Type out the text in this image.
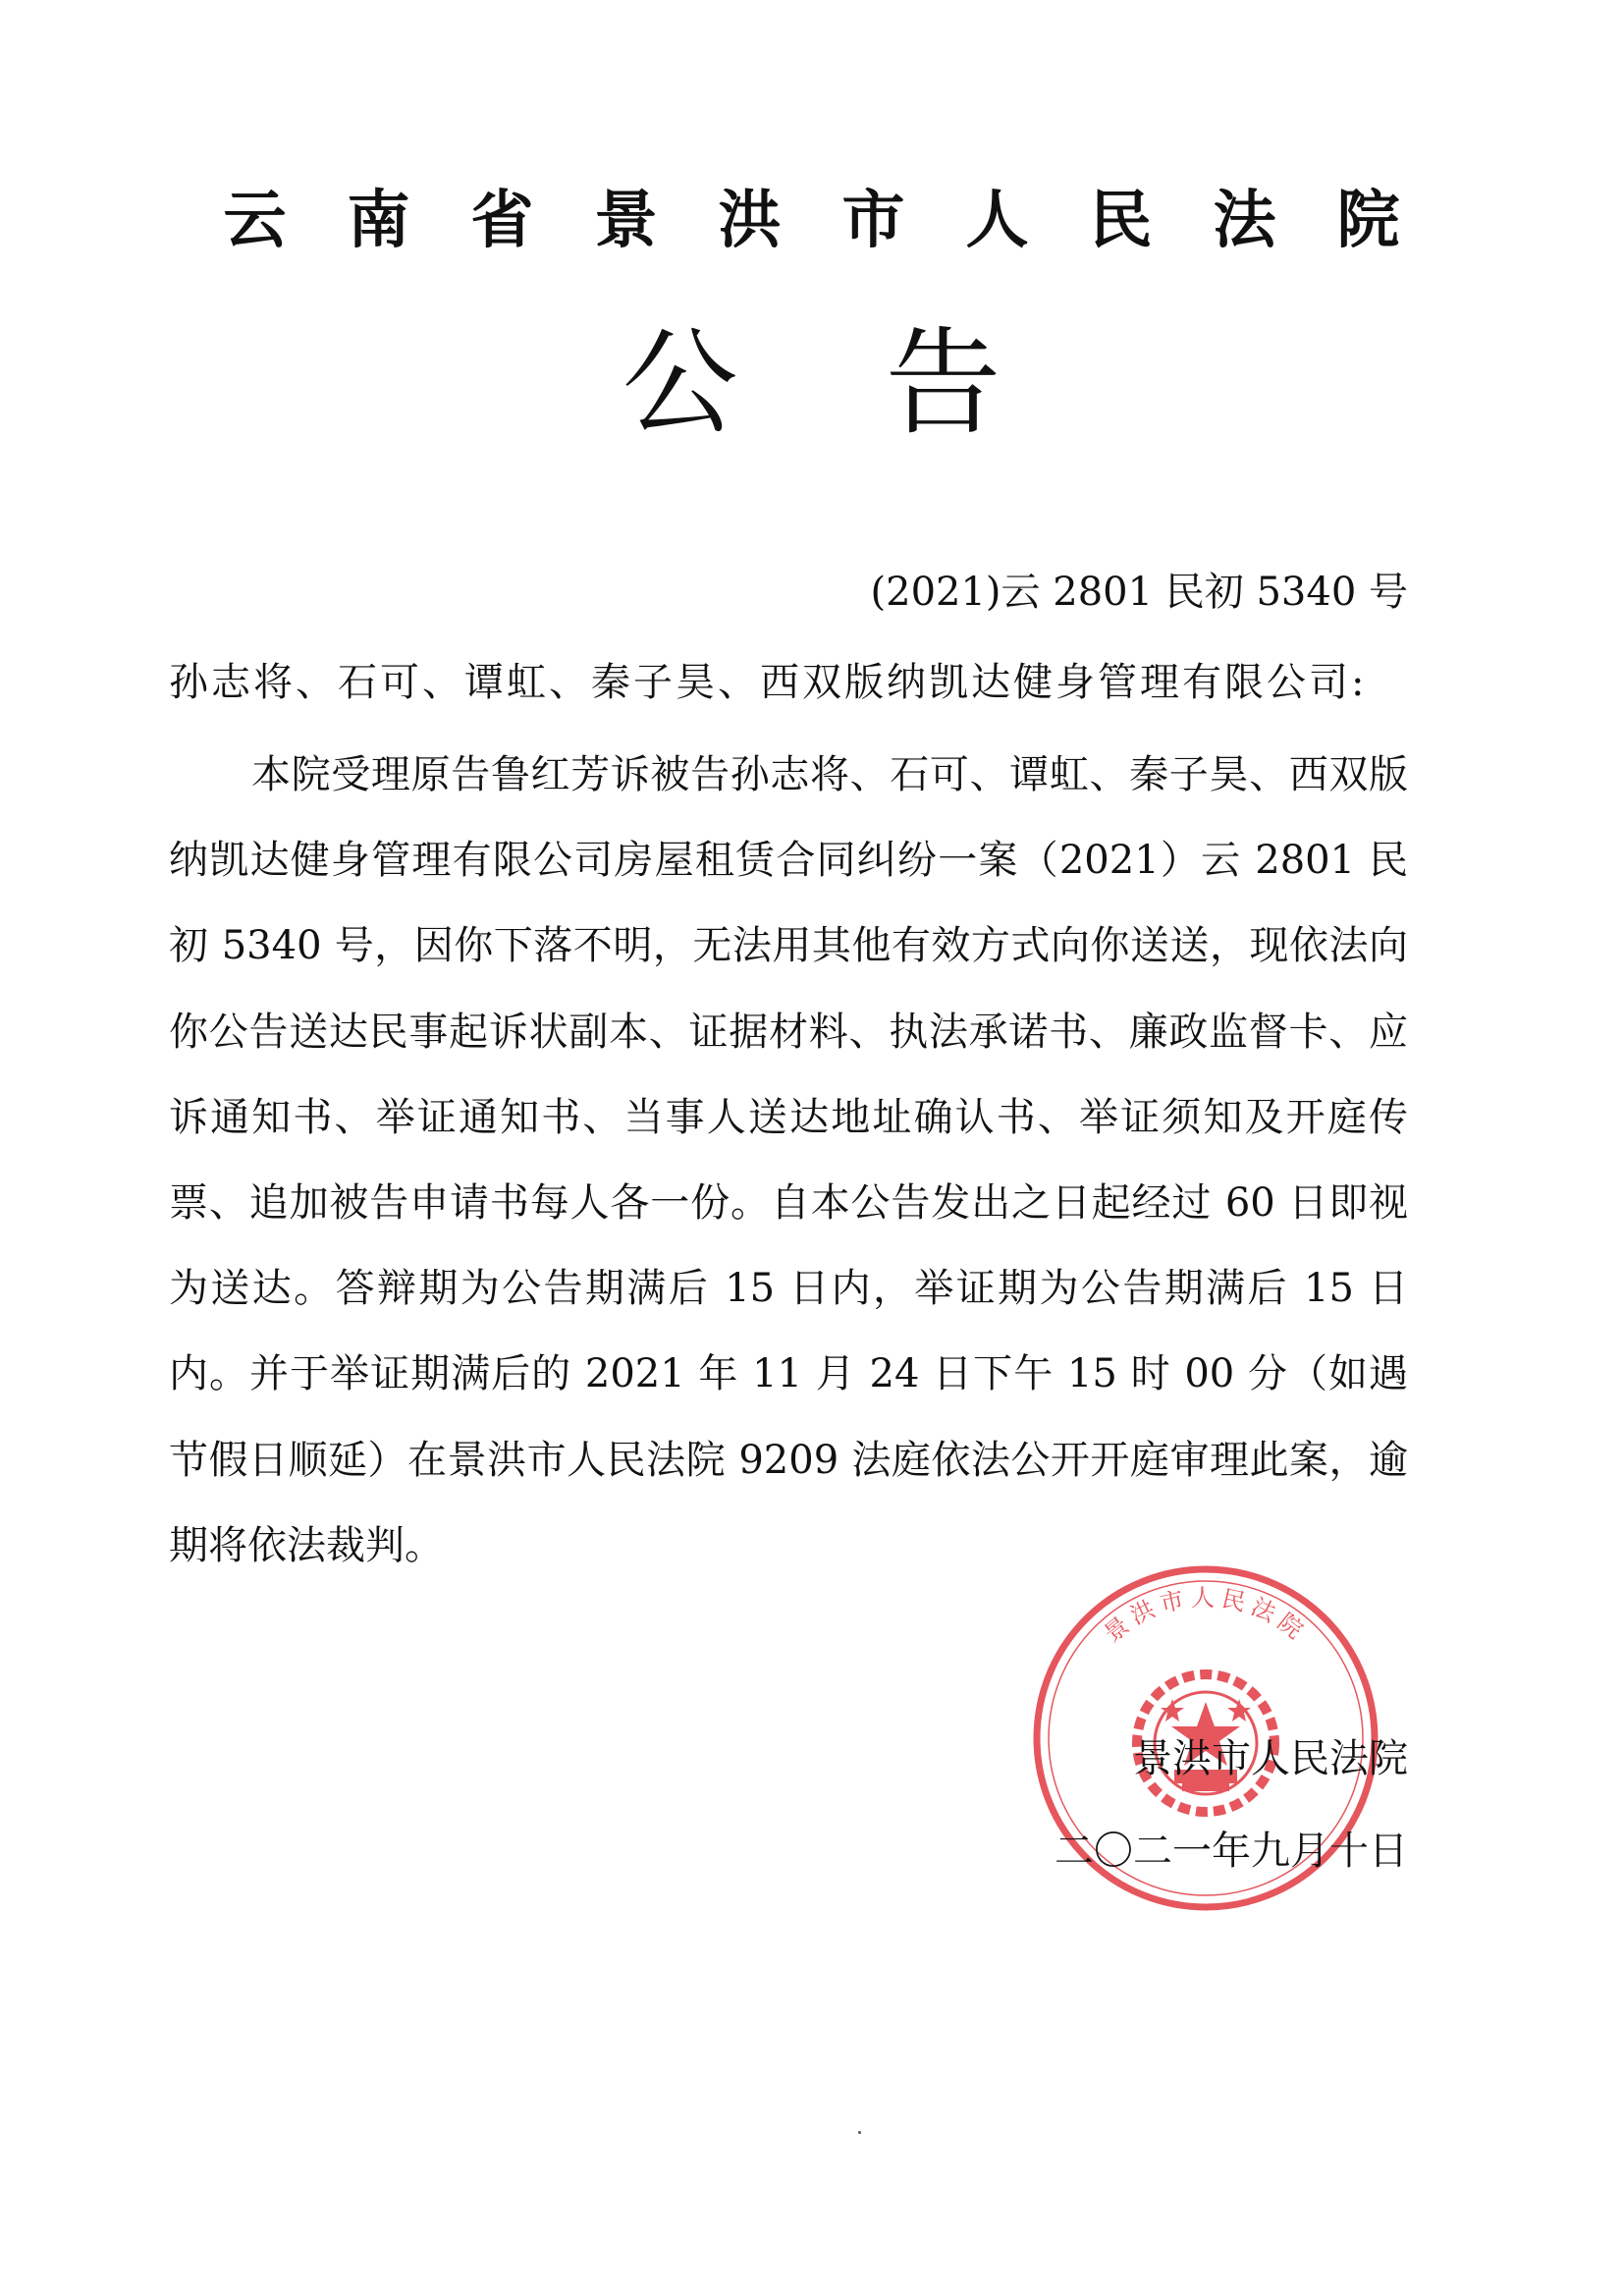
云 南 省 景 洪 市 人 民 法 院
公 告
(2021)云 2801 民初 5340 号
孙志将、石可、谭虹、秦子昊、西双版纳凯达健身管理有限公司:

本院受理原告鲁红芳诉被告孙志将、石可、谭虹、秦子昊、西双版纳凯达健身管理有限公司房屋租赁合同纠纷一案（2021）云 2801 民初 5340 号，因你下落不明，无法用其他有效方式向你送送，现依法向你公告送达民事起诉状副本、证据材料、执法承诺书、廉政监督卡、应诉通知书、举证通知书、当事人送达地址确认书、举证须知及开庭传票、追加被告申请书每人各一份。自本公告发出之日起经过 60 日即视为送达。答辩期为公告期满后 15 日内，举证期为公告期满后 15 日内。并于举证期满后的 2021 年 11 月 24 日下午 15 时 00 分（如遇节假日顺延）在景洪市人民法院 9209 法庭依法公开开庭审理此案，逾期将依法裁判。

景洪市人民法院
景洪市人民法院
二〇二一年九月十日
